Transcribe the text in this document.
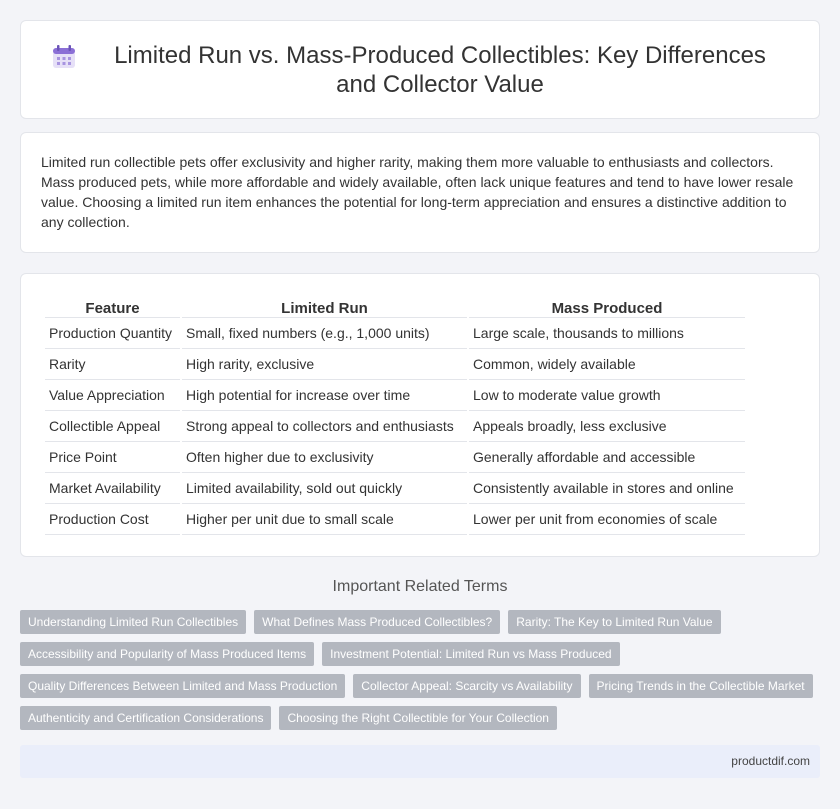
Limited Run vs. Mass-Produced Collectibles: Key Differences and Collector Value

Limited run collectible pets offer exclusivity and higher rarity, making them more valuable to enthusiasts and collectors. Mass produced pets, while more affordable and widely available, often lack unique features and tend to have lower resale value. Choosing a limited run item enhances the potential for long-term appreciation and ensures a distinctive addition to any collection.

Feature	Limited Run	Mass Produced
Production Quantity	Small, fixed numbers (e.g., 1,000 units)	Large scale, thousands to millions
Rarity	High rarity, exclusive	Common, widely available
Value Appreciation	High potential for increase over time	Low to moderate value growth
Collectible Appeal	Strong appeal to collectors and enthusiasts	Appeals broadly, less exclusive
Price Point	Often higher due to exclusivity	Generally affordable and accessible
Market Availability	Limited availability, sold out quickly	Consistently available in stores and online
Production Cost	Higher per unit due to small scale	Lower per unit from economies of scale
Important Related Terms
Understanding Limited Run Collectibles	What Defines Mass Produced Collectibles?	Rarity: The Key to Limited Run Value
Accessibility and Popularity of Mass Produced Items	Investment Potential: Limited Run vs Mass Produced
Quality Differences Between Limited and Mass Production	Collector Appeal: Scarcity vs Availability	Pricing Trends in the Collectible Market
Authenticity and Certification Considerations	Choosing the Right Collectible for Your Collection
productdif.com
